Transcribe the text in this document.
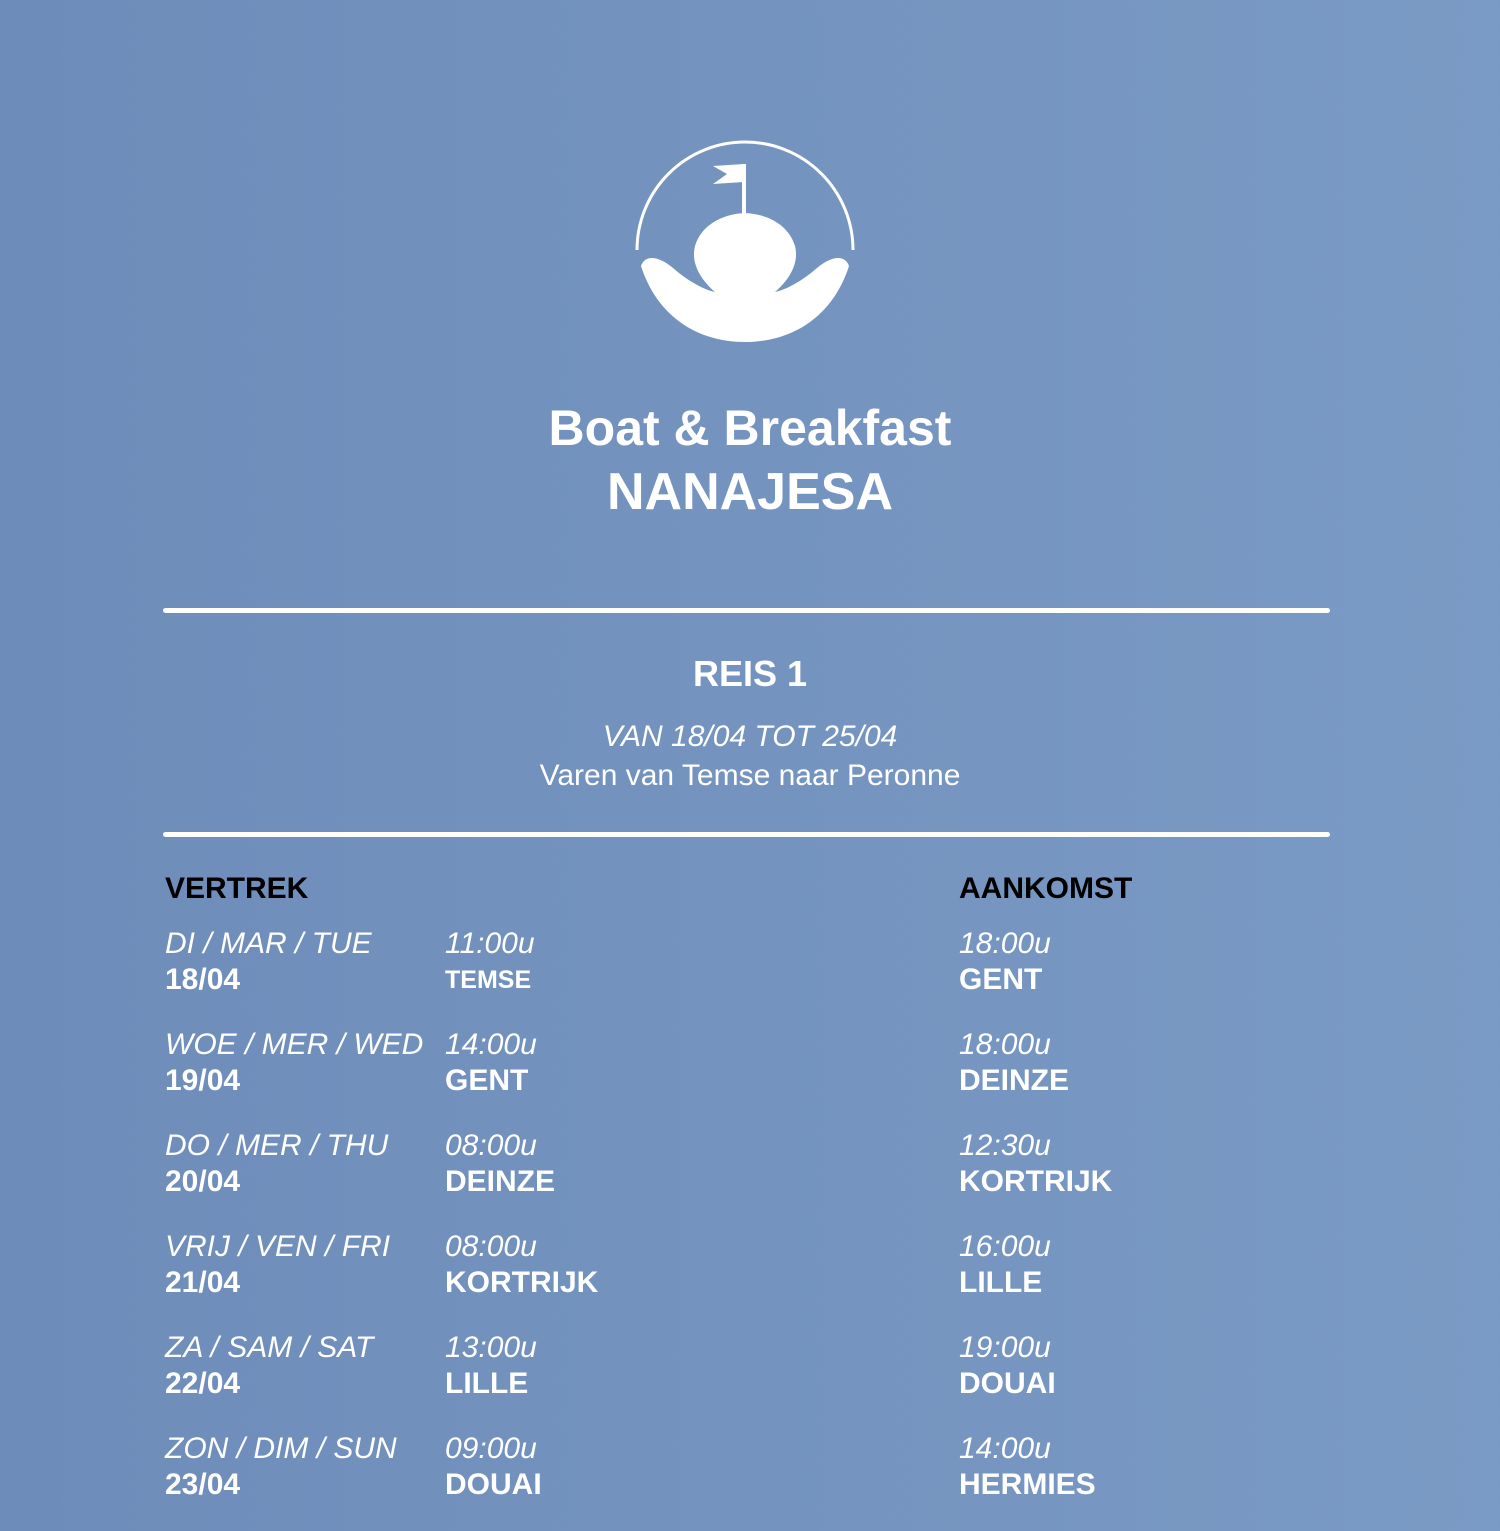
Boat & Breakfast
NANAJESA
REIS 1
VAN 18/04 TOT 25/04
Varen van Temse naar Peronne
VERTREK	AANKOMST
DI / MAR / TUE
18/04
11:00u
TEMSE
18:00u
GENT
WOE / MER / WED
19/04
14:00u
GENT
18:00u
DEINZE
DO / MER / THU
20/04
08:00u
DEINZE
12:30u
KORTRIJK
VRIJ / VEN / FRI
21/04
08:00u
KORTRIJK
16:00u
LILLE
ZA / SAM / SAT
22/04
13:00u
LILLE
19:00u
DOUAI
ZON / DIM / SUN
23/04
09:00u
DOUAI
14:00u
HERMIES
